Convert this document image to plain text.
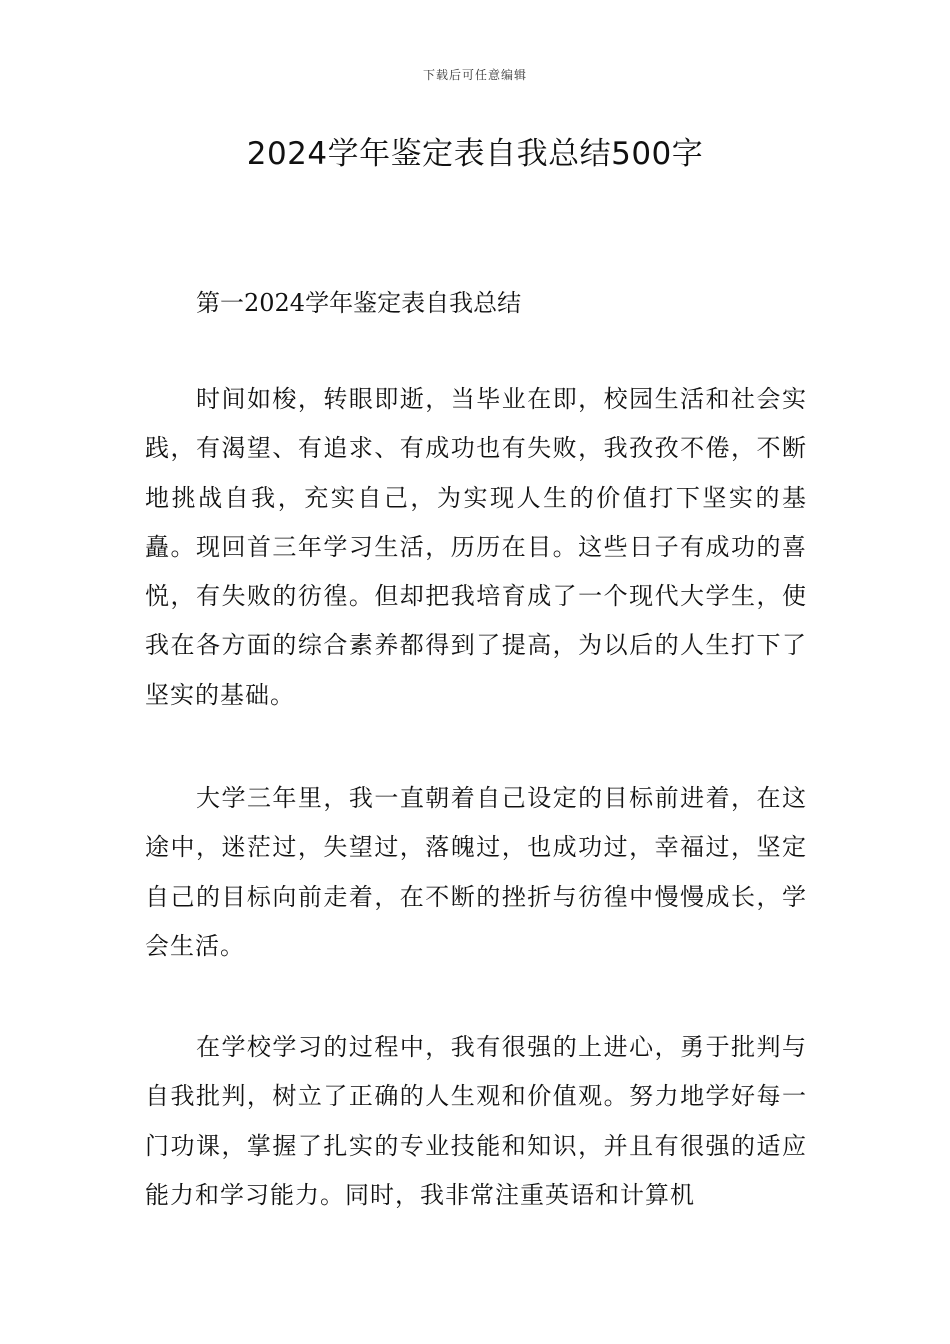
下载后可任意编辑
2024学年鉴定表自我总结500字
第一2024学年鉴定表自我总结

时间如梭，转眼即逝，当毕业在即，校园生活和社会实践，有渴望、有追求、有成功也有失败，我孜孜不倦，不断地挑战自我，充实自己，为实现人生的价值打下坚实的基矗。现回首三年学习生活，历历在目。这些日子有成功的喜悦，有失败的彷徨。但却把我培育成了一个现代大学生，使我在各方面的综合素养都得到了提高，为以后的人生打下了坚实的基础。

大学三年里，我一直朝着自己设定的目标前进着，在这途中，迷茫过，失望过，落魄过，也成功过，幸福过，坚定自己的目标向前走着，在不断的挫折与彷徨中慢慢成长，学会生活。

在学校学习的过程中，我有很强的上进心，勇于批判与自我批判，树立了正确的人生观和价值观。努力地学好每一门功课，掌握了扎实的专业技能和知识，并且有很强的适应能力和学习能力。同时，我非常注重英语和计算机
